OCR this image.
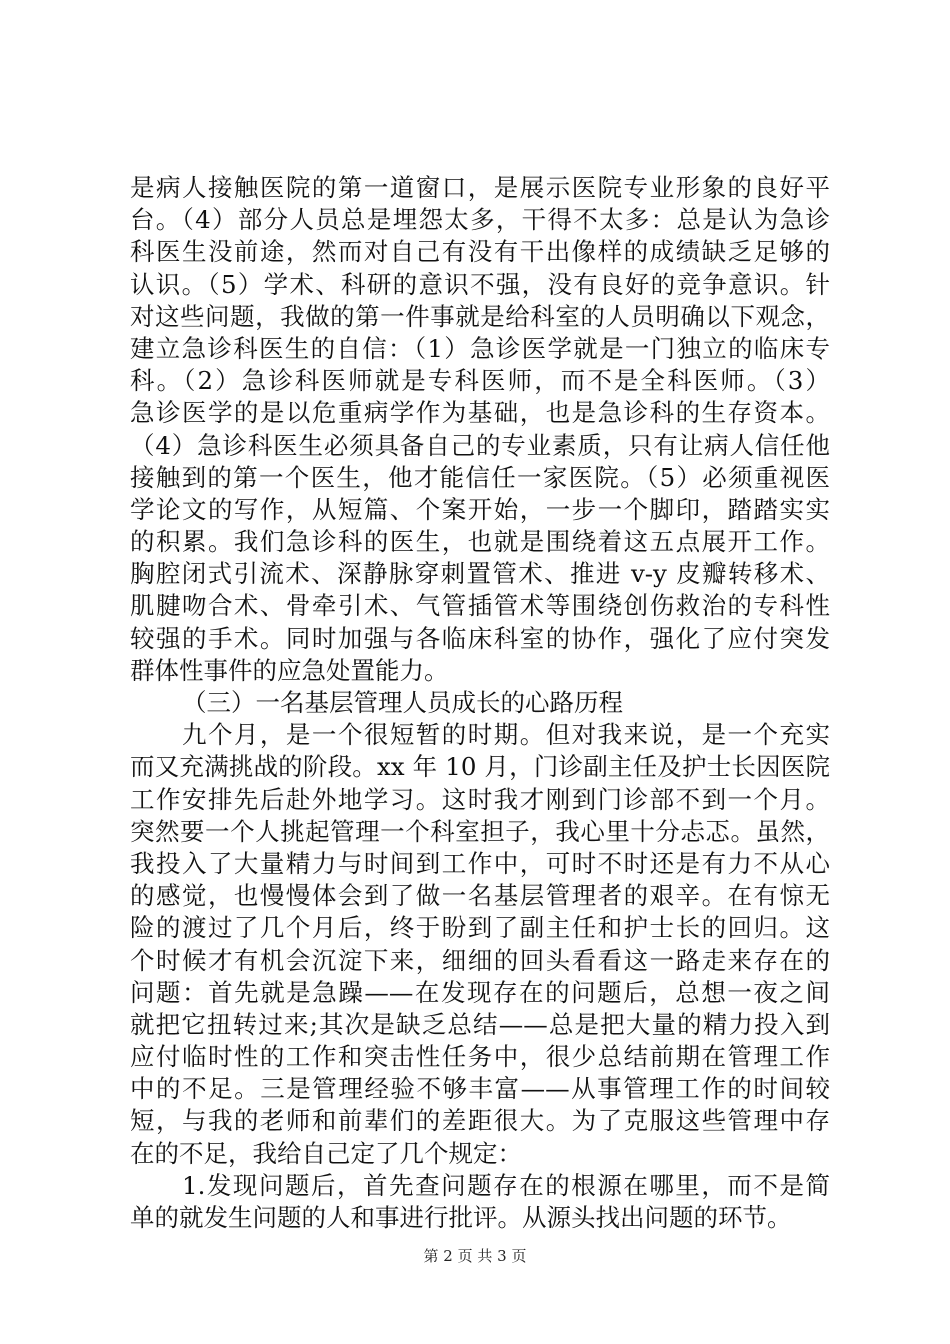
是病人接触医院的第一道窗口，是展示医院专业形象的良好平
台。（4）部分人员总是埋怨太多，干得不太多：总是认为急诊
科医生没前途，然而对自己有没有干出像样的成绩缺乏足够的
认识。（5）学术、科研的意识不强，没有良好的竞争意识。针
对这些问题，我做的第一件事就是给科室的人员明确以下观念，
建立急诊科医生的自信：（1）急诊医学就是一门独立的临床专
科。（2）急诊科医师就是专科医师，而不是全科医师。（3）
急诊医学的是以危重病学作为基础，也是急诊科的生存资本。
（4）急诊科医生必须具备自己的专业素质，只有让病人信任他
接触到的第一个医生，他才能信任一家医院。（5）必须重视医
学论文的写作，从短篇、个案开始，一步一个脚印，踏踏实实
的积累。我们急诊科的医生，也就是围绕着这五点展开工作。
胸腔闭式引流术、深静脉穿刺置管术、推进 v-y 皮瓣转移术、
肌腱吻合术、骨牵引术、气管插管术等围绕创伤救治的专科性
较强的手术。同时加强与各临床科室的协作，强化了应付突发
群体性事件的应急处置能力。
（三）一名基层管理人员成长的心路历程
九个月，是一个很短暂的时期。但对我来说，是一个充实
而又充满挑战的阶段。xx 年 10 月，门诊副主任及护士长因医院
工作安排先后赴外地学习。这时我才刚到门诊部不到一个月。
突然要一个人挑起管理一个科室担子，我心里十分忐忑。虽然，
我投入了大量精力与时间到工作中，可时不时还是有力不从心
的感觉，也慢慢体会到了做一名基层管理者的艰辛。在有惊无
险的渡过了几个月后，终于盼到了副主任和护士长的回归。这
个时候才有机会沉淀下来，细细的回头看看这一路走来存在的
问题：首先就是急躁——在发现存在的问题后，总想一夜之间
就把它扭转过来;其次是缺乏总结——总是把大量的精力投入到
应付临时性的工作和突击性任务中，很少总结前期在管理工作
中的不足。三是管理经验不够丰富——从事管理工作的时间较
短，与我的老师和前辈们的差距很大。为了克服这些管理中存
在的不足，我给自己定了几个规定：
1.发现问题后，首先查问题存在的根源在哪里，而不是简
单的就发生问题的人和事进行批评。从源头找出问题的环节。
第 2 页 共 3 页
